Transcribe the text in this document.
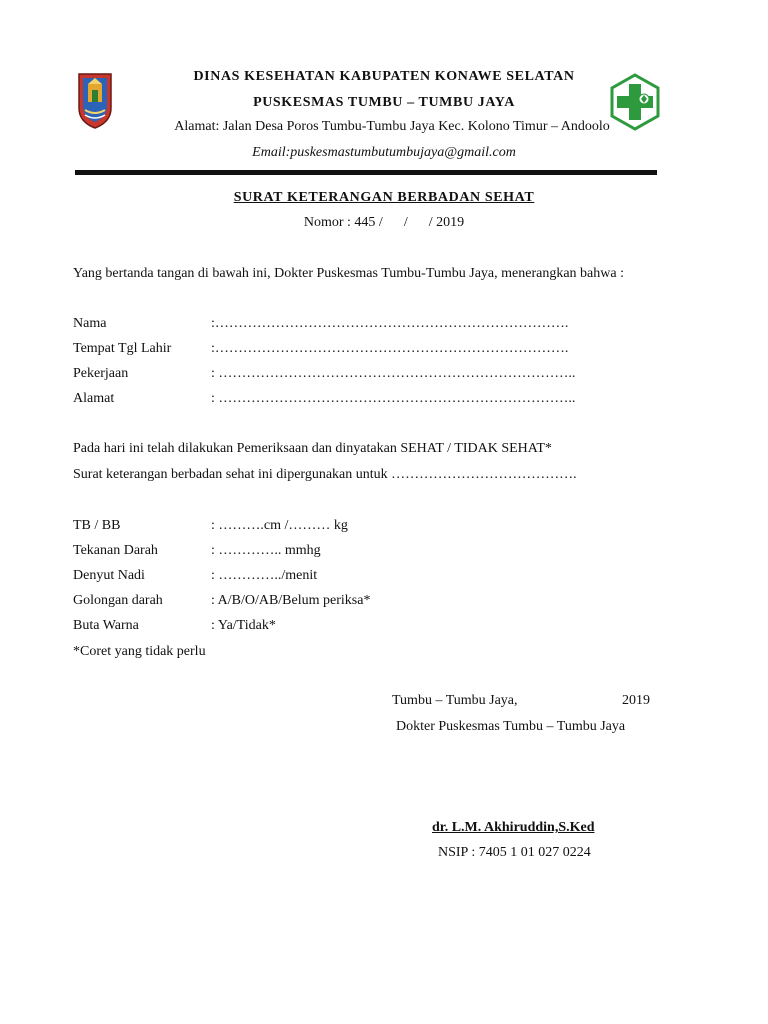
DINAS KESEHATAN KABUPATEN KONAWE SELATAN
PUSKESMAS TUMBU – TUMBU JAYA
Alamat: Jalan Desa Poros Tumbu-Tumbu Jaya Kec. Kolono Timur – Andoolo
Email:puskesmastumbutumbujaya@gmail.com
SURAT KETERANGAN BERBADAN SEHAT
Nomor : 445 /      /      / 2019
Yang bertanda tangan di bawah ini, Dokter Puskesmas Tumbu-Tumbu Jaya, menerangkan bahwa :
Nama	:………………………………………………………………….
Tempat Tgl Lahir	:………………………………………………………………….
Pekerjaan	: …………………………………………………………………..
Alamat	: …………………………………………………………………..
Pada hari ini telah dilakukan Pemeriksaan dan dinyatakan SEHAT / TIDAK SEHAT*
Surat keterangan berbadan sehat ini dipergunakan untuk ………………………………….
TB / BB	: ……….cm /……… kg
Tekanan Darah	: ………….. mmhg
Denyut Nadi	: …………../menit
Golongan darah	: A/B/O/AB/Belum periksa*
Buta Warna	: Ya/Tidak*
*Coret yang tidak perlu
Tumbu – Tumbu Jaya,	2019
Dokter Puskesmas Tumbu – Tumbu Jaya
dr. L.M. Akhiruddin,S.Ked
NSIP : 7405 1 01 027 0224
